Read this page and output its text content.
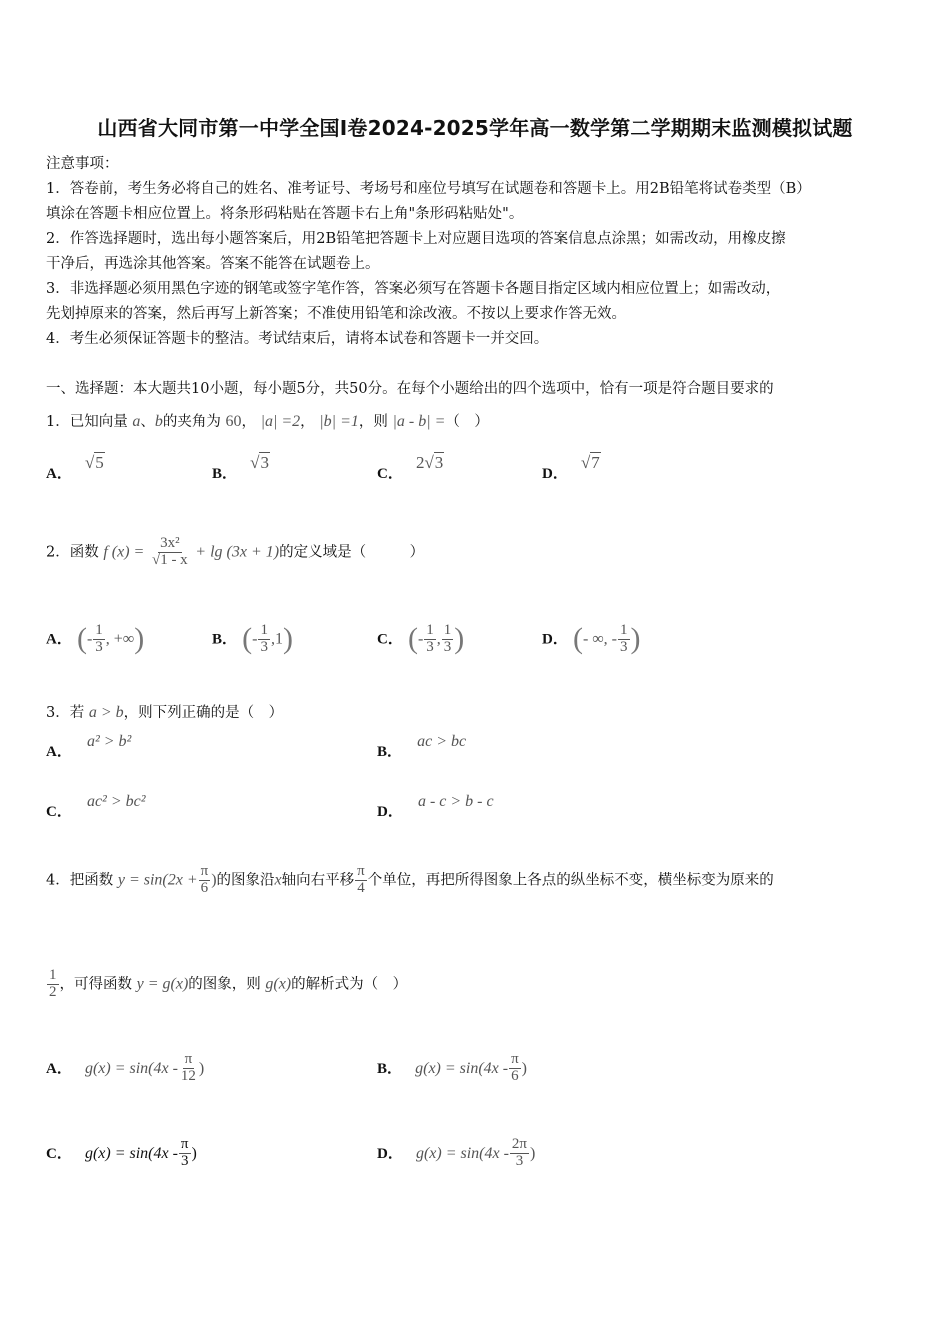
山西省大同市第一中学全国Ⅰ卷2024-2025学年高一数学第二学期期末监测模拟试题
注意事项：
1．答卷前，考生务必将自己的姓名、准考证号、考场号和座位号填写在试题卷和答题卡上。用2B铅笔将试卷类型（B）
填涂在答题卡相应位置上。将条形码粘贴在答题卡右上角"条形码粘贴处"。
2．作答选择题时，选出每小题答案后，用2B铅笔把答题卡上对应题目选项的答案信息点涂黑；如需改动，用橡皮擦
干净后，再选涂其他答案。答案不能答在试题卷上。
3．非选择题必须用黑色字迹的钢笔或签字笔作答，答案必须写在答题卡各题目指定区域内相应位置上；如需改动，
先划掉原来的答案，然后再写上新答案；不准使用铅笔和涂改液。不按以上要求作答无效。
4．考生必须保证答题卡的整洁。考试结束后，请将本试卷和答题卡一并交回。
一、选择题：本大题共10小题，每小题5分，共50分。在每个小题给出的四个选项中，恰有一项是符合题目要求的
1．已知向量 a、b的夹角为 60， |a| =2， |b| =1，则 |a - b| =（　）
A． √5
B． √3
C． 2√3
D． √7
2．函数 f $(x) = \frac{\text{3x²}}{√1 - x} + \lg (3x + 1)$的定义域是（　　　）
A． (- $\frac{1}{3}$ , +∞)	B． (- $\frac{1}{3} ,1$)	C． (- $\frac{1}{3}$ , $\frac{1}{3}$ )	D． (- ∞, - $\frac{1}{3}$ )
3．若 a > b，则下列正确的是（　）
A． a² > b²
B． ac > bc
C． ac² > bc²
D． a - c > b - c
4．把函数 $y = \sin(2x + \frac{\pi}{6}$ )的图象沿x轴向右平移 $\frac{\pi}{4}$ 个单位，再把所得图象上各点的纵坐标不变，横坐标变为原来的
$\frac{1}{2}$ ，可得函数 y = g(x)的图象，则 g(x)的解析式为（　）
A． $g(x) = \sin(4x - \frac{\pi}{12}$ )	B． $g(x) = \sin(4x - \frac{\pi}{6}$ )
C． $g(x) = \sin(4x - \frac{\pi}{3}$ )	D． $g(x) = \sin(4x - \frac{2\pi}{3}$ )
